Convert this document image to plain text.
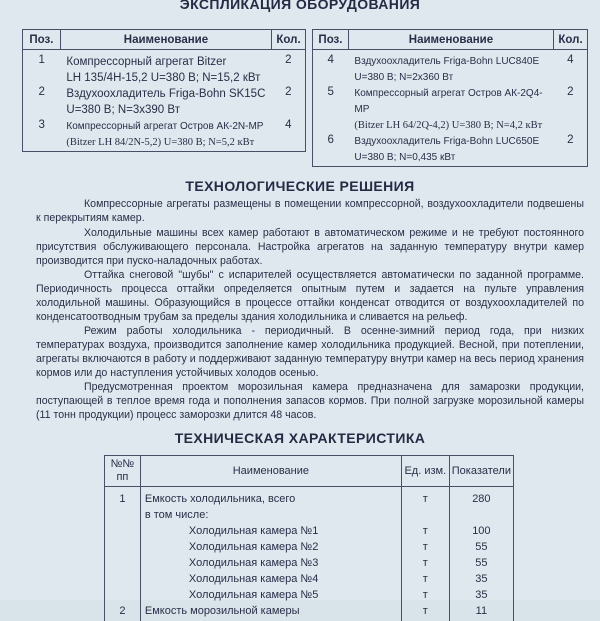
ЭКСПЛИКАЦИЯ ОБОРУДОВАНИЯ
Поз.	Наименование	Кол.
1	Компрессорный агрегат Bitzer
LH 135/4H-15,2 U=380 В; N=15,2 кВт	2
2	Вздухоохладитель Friga-Bohn SK15C
U=380 В; N=3x390 Вт	2
3	Компрессорный агрегат Остров АК-2N-МР
(Bitzer LH 84/2N-5,2) U=380 В; N=5,2 кВт	4
Поз.	Наименование	Кол.
4	Вздухоохладитель Friga-Bohn LUC840E
U=380 В; N=2x360 Вт	4
5	Компрессорный агрегат Остров АК-2Q4-МР
(Bitzer LH 64/2Q-4,2) U=380 В; N=4,2 кВт	2
6	Вздухоохладитель Friga-Bohn LUC650E
U=380 В; N=0,435 кВт	2
ТЕХНОЛОГИЧЕСКИЕ РЕШЕНИЯ

Компрессорные агрегаты размещены в помещении компрессорной, воздухоохладители подвешены к перекрытиям камер.

Холодильные машины всех камер работают в автоматическом режиме и не требуют постоянного присутствия обслуживающего персонала. Настройка агрегатов на заданную температуру внутри камер производится при пуско-наладочных работах.

Оттайка снеговой "шубы" с испарителей осуществляется автоматически по заданной программе. Периодичность процесса оттайки определяется опытным путем и задается на пульте управления холодильной машины. Образующийся в процессе оттайки конденсат отводится от воздухоохладителей по конденсатоотводным трубам за пределы здания холодильника и сливается на рельеф.

Режим работы холодильника - периодичный. В осенне-зимний период года, при низких температурах воздуха, производится заполнение камер холодильника продукцией. Весной, при потеплении, агрегаты включаются в работу и поддерживают заданную температуру внутри камер на весь период хранения кормов или до наступления устойчивых холодов осенью.

Предусмотренная проектом морозильная камера предназначена для замарозки продукции, поступающей в теплое время года и пополнения запасов кормов. При полной загрузке морозильной камеры (11 тонн продукции) процесс заморозки длится 48 часов.

ТЕХНИЧЕСКАЯ ХАРАКТЕРИСТИКА
№№ пп	Наименование	Ед. изм.	Показатели
1	Емкость холодильника, всего	т	280
	в том числе:		
	Холодильная камера №1	т	100
	Холодильная камера №2	т	55
	Холодильная камера №3	т	55
	Холодильная камера №4	т	35
	Холодильная камера №5	т	35
2	Емкость морозильной камеры	т	11
